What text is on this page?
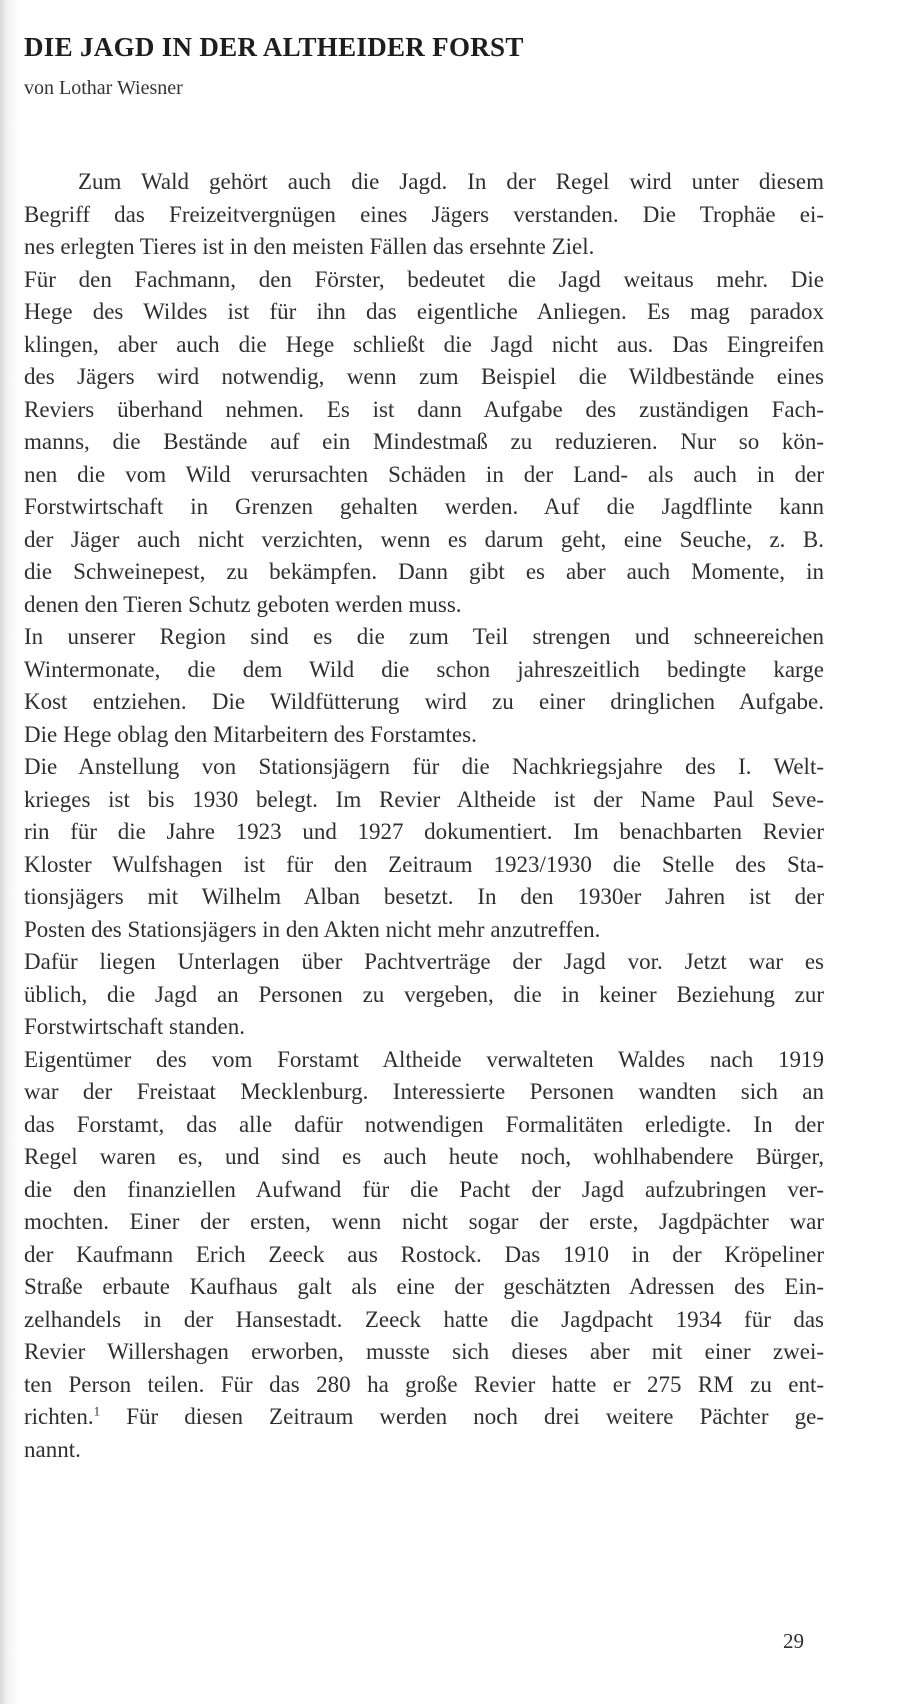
DIE JAGD IN DER ALTHEIDER FORST
von Lothar Wiesner
Zum Wald gehört auch die Jagd. In der Regel wird unter diesem
Begriff das Freizeitvergnügen eines Jägers verstanden. Die Trophäe ei-
nes erlegten Tieres ist in den meisten Fällen das ersehnte Ziel.
Für den Fachmann, den Förster, bedeutet die Jagd weitaus mehr. Die
Hege des Wildes ist für ihn das eigentliche Anliegen. Es mag paradox
klingen, aber auch die Hege schließt die Jagd nicht aus. Das Eingreifen
des Jägers wird notwendig, wenn zum Beispiel die Wildbestände eines
Reviers überhand nehmen. Es ist dann Aufgabe des zuständigen Fach-
manns, die Bestände auf ein Mindestmaß zu reduzieren. Nur so kön-
nen die vom Wild verursachten Schäden in der Land- als auch in der
Forstwirtschaft in Grenzen gehalten werden. Auf die Jagdflinte kann
der Jäger auch nicht verzichten, wenn es darum geht, eine Seuche, z. B.
die Schweinepest, zu bekämpfen. Dann gibt es aber auch Momente, in
denen den Tieren Schutz geboten werden muss.
In unserer Region sind es die zum Teil strengen und schneereichen
Wintermonate, die dem Wild die schon jahreszeitlich bedingte karge
Kost entziehen. Die Wildfütterung wird zu einer dringlichen Aufgabe.
Die Hege oblag den Mitarbeitern des Forstamtes.
Die Anstellung von Stationsjägern für die Nachkriegsjahre des I. Welt-
krieges ist bis 1930 belegt. Im Revier Altheide ist der Name Paul Seve-
rin für die Jahre 1923 und 1927 dokumentiert. Im benachbarten Revier
Kloster Wulfshagen ist für den Zeitraum 1923/1930 die Stelle des Sta-
tionsjägers mit Wilhelm Alban besetzt. In den 1930er Jahren ist der
Posten des Stationsjägers in den Akten nicht mehr anzutreffen.
Dafür liegen Unterlagen über Pachtverträge der Jagd vor. Jetzt war es
üblich, die Jagd an Personen zu vergeben, die in keiner Beziehung zur
Forstwirtschaft standen.
Eigentümer des vom Forstamt Altheide verwalteten Waldes nach 1919
war der Freistaat Mecklenburg. Interessierte Personen wandten sich an
das Forstamt, das alle dafür notwendigen Formalitäten erledigte. In der
Regel waren es, und sind es auch heute noch, wohlhabendere Bürger,
die den finanziellen Aufwand für die Pacht der Jagd aufzubringen ver-
mochten. Einer der ersten, wenn nicht sogar der erste, Jagdpächter war
der Kaufmann Erich Zeeck aus Rostock. Das 1910 in der Kröpeliner
Straße erbaute Kaufhaus galt als eine der geschätzten Adressen des Ein-
zelhandels in der Hansestadt. Zeeck hatte die Jagdpacht 1934 für das
Revier Willershagen erworben, musste sich dieses aber mit einer zwei-
ten Person teilen. Für das 280 ha große Revier hatte er 275 RM zu ent-
richten.$^1$ Für diesen Zeitraum werden noch drei weitere Pächter ge-
nannt.
29
